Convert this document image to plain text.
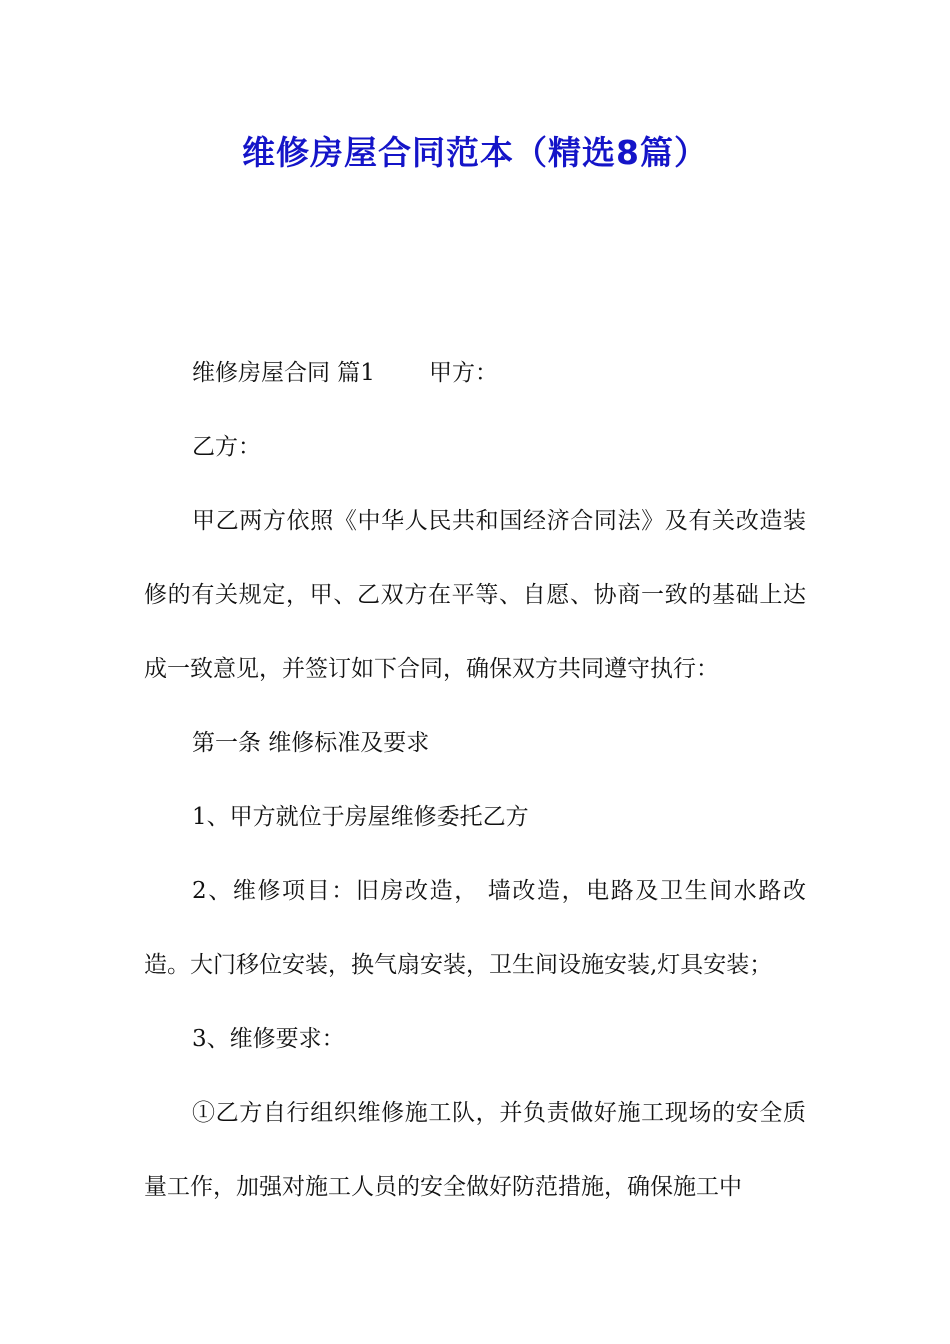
维修房屋合同范本（精选8篇）

维修房屋合同 篇1 甲方：

乙方：

甲乙两方依照《中华人民共和国经济合同法》及有关改造装修的有关规定，甲、乙双方在平等、自愿、协商一致的基础上达成一致意见，并签订如下合同，确保双方共同遵守执行：

第一条 维修标准及要求

1、甲方就位于房屋维修委托乙方

2、维修项目：旧房改造， 墙改造，电路及卫生间水路改造。大门移位安装，换气扇安装，卫生间设施安装,灯具安装；

3、维修要求：

①乙方自行组织维修施工队，并负责做好施工现场的安全质量工作，加强对施工人员的安全做好防范措施，确保施工中
